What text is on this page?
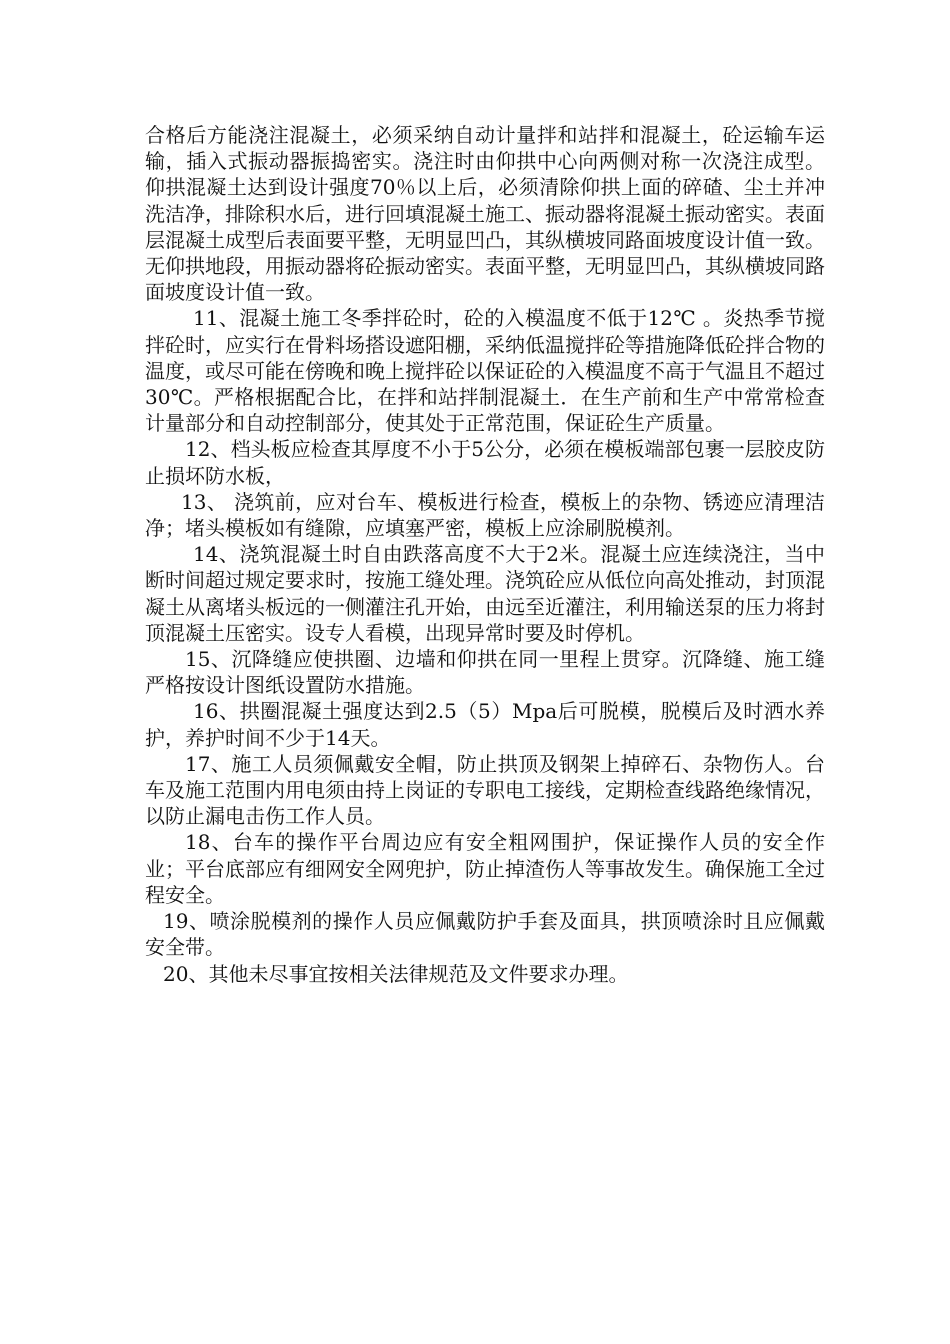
合格后方能浇注混凝土，必须采纳自动计量拌和站拌和混凝土，砼运输车运输，插入式振动器振捣密实。浇注时由仰拱中心向两侧对称一次浇注成型。 仰拱混凝土达到设计强度70％以上后，必须清除仰拱上面的碎碴、尘土并冲洗洁净，排除积水后，进行回填混凝土施工、振动器将混凝土振动密实。表面层混凝土成型后表面要平整，无明显凹凸，其纵横坡同路面坡度设计值一致。无仰拱地段，用振动器将砼振动密实。表面平整，无明显凹凸，其纵横坡同路面坡度设计值一致。

11、混凝土施工冬季拌砼时，砼的入模温度不低于12℃ 。炎热季节搅拌砼时，应实行在骨料场搭设遮阳棚，采纳低温搅拌砼等措施降低砼拌合物的温度，或尽可能在傍晚和晚上搅拌砼以保证砼的入模温度不高于气温且不超过30℃。严格根据配合比，在拌和站拌制混凝土．在生产前和生产中常常检查计量部分和自动控制部分，使其处于正常范围，保证砼生产质量。

12、档头板应检查其厚度不小于5公分，必须在模板端部包裹一层胶皮防止损坏防水板，

13、 浇筑前，应对台车、模板进行检查，模板上的杂物、锈迹应清理洁净；堵头模板如有缝隙，应填塞严密，模板上应涂刷脱模剂。

14、浇筑混凝土时自由跌落高度不大于2米。混凝土应连续浇注，当中断时间超过规定要求时，按施工缝处理。浇筑砼应从低位向高处推动，封顶混凝土从离堵头板远的一侧灌注孔开始，由远至近灌注，利用输送泵的压力将封顶混凝土压密实。设专人看模，出现异常时要及时停机。

15、沉降缝应使拱圈、边墙和仰拱在同一里程上贯穿。沉降缝、施工缝严格按设计图纸设置防水措施。

16、拱圈混凝土强度达到2.5（5）Mpa后可脱模，脱模后及时洒水养护，养护时间不少于14天。

17、施工人员须佩戴安全帽，防止拱顶及钢架上掉碎石、杂物伤人。台车及施工范围内用电须由持上岗证的专职电工接线，定期检查线路绝缘情况，以防止漏电击伤工作人员。

18、台车的操作平台周边应有安全粗网围护，保证操作人员的安全作业；平台底部应有细网安全网兜护，防止掉渣伤人等事故发生。确保施工全过程安全。

19、喷涂脱模剂的操作人员应佩戴防护手套及面具，拱顶喷涂时且应佩戴安全带。

20、其他未尽事宜按相关法律规范及文件要求办理。
